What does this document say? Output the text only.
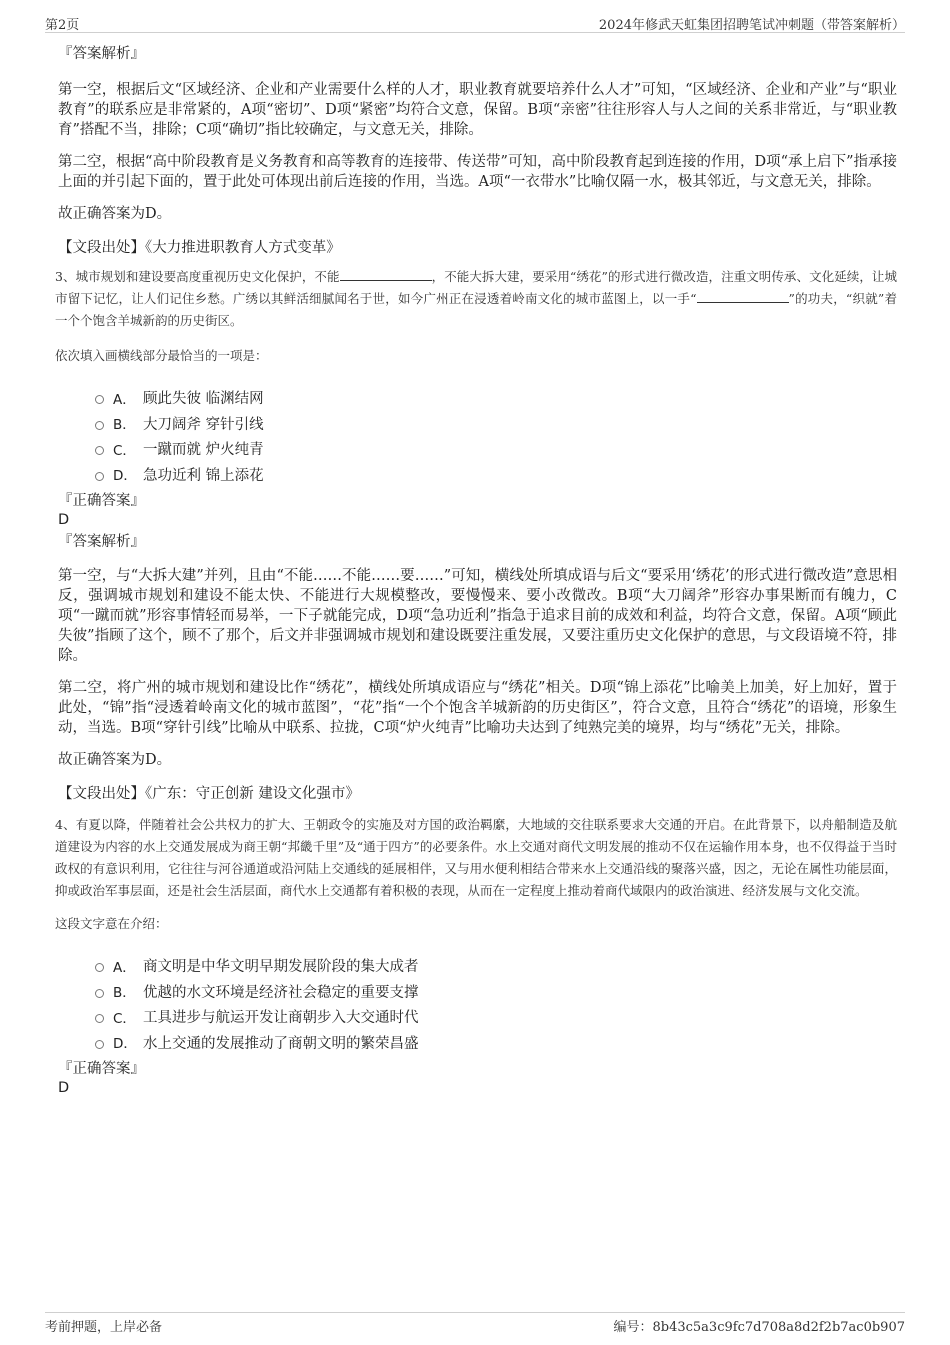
第2页	2024年修武天虹集团招聘笔试冲刺题（带答案解析）
『答案解析』

第一空，根据后文“区域经济、企业和产业需要什么样的人才，职业教育就要培养什么人才”可知，“区域经济、企业和产业”与“职业教育”的联系应是非常紧的，A项“密切”、D项“紧密”均符合文意，保留。B项“亲密”往往形容人与人之间的关系非常近，与“职业教育”搭配不当，排除；C项“确切”指比较确定，与文意无关，排除。

第二空，根据“高中阶段教育是义务教育和高等教育的连接带、传送带”可知，高中阶段教育起到连接的作用，D项“承上启下”指承接上面的并引起下面的，置于此处可体现出前后连接的作用，当选。A项“一衣带水”比喻仅隔一水，极其邻近，与文意无关，排除。

故正确答案为D。

【文段出处】《大力推进职教育人方式变革》

3、城市规划和建设要高度重视历史文化保护，不能	，不能大拆大建，要采用“绣花”的形式进行微改造，注重文明传承、文化延续，让城市留下记忆，让人们记住乡愁。广绣以其鲜活细腻闻名于世，如今广州正在浸透着岭南文化的城市蓝图上，以一手“	”的功夫，“织就”着一个个饱含羊城新韵的历史街区。

依次填入画横线部分最恰当的一项是：

A． 顾此失彼 临渊结网
B． 大刀阔斧 穿针引线
C． 一蹴而就 炉火纯青
D． 急功近利 锦上添花
『正确答案』
D
『答案解析』

第一空，与“大拆大建”并列，且由“不能……不能……要……”可知，横线处所填成语与后文“要采用‘绣花’的形式进行微改造”意思相反，强调城市规划和建设不能太快、不能进行大规模整改，要慢慢来、要小改微改。B项“大刀阔斧”形容办事果断而有魄力，C项“一蹴而就”形容事情轻而易举，一下子就能完成，D项“急功近利”指急于追求目前的成效和利益，均符合文意，保留。A项“顾此失彼”指顾了这个，顾不了那个，后文并非强调城市规划和建设既要注重发展，又要注重历史文化保护的意思，与文段语境不符，排除。

第二空，将广州的城市规划和建设比作“绣花”，横线处所填成语应与“绣花”相关。D项“锦上添花”比喻美上加美，好上加好，置于此处，“锦”指“浸透着岭南文化的城市蓝图”，“花”指“一个个饱含羊城新韵的历史街区”，符合文意，且符合“绣花”的语境，形象生动，当选。B项“穿针引线”比喻从中联系、拉拢，C项“炉火纯青”比喻功夫达到了纯熟完美的境界，均与“绣花”无关，排除。

故正确答案为D。

【文段出处】《广东：守正创新 建设文化强市》

4、有夏以降，伴随着社会公共权力的扩大、王朝政令的实施及对方国的政治羁縻，大地域的交往联系要求大交通的开启。在此背景下，以舟船制造及航道建设为内容的水上交通发展成为商王朝“邦畿千里”及“通于四方”的必要条件。水上交通对商代文明发展的推动不仅在运输作用本身，也不仅得益于当时政权的有意识利用，它往往与河谷通道或沿河陆上交通线的延展相伴，又与用水便利相结合带来水上交通沿线的聚落兴盛，因之，无论在属性功能层面，抑或政治军事层面，还是社会生活层面，商代水上交通都有着积极的表现，从而在一定程度上推动着商代域限内的政治演进、经济发展与文化交流。

这段文字意在介绍：

A． 商文明是中华文明早期发展阶段的集大成者
B． 优越的水文环境是经济社会稳定的重要支撑
C． 工具进步与航运开发让商朝步入大交通时代
D． 水上交通的发展推动了商朝文明的繁荣昌盛
『正确答案』
D
考前押题，上岸必备	编号：8b43c5a3c9fc7d708a8d2f2b7ac0b907
